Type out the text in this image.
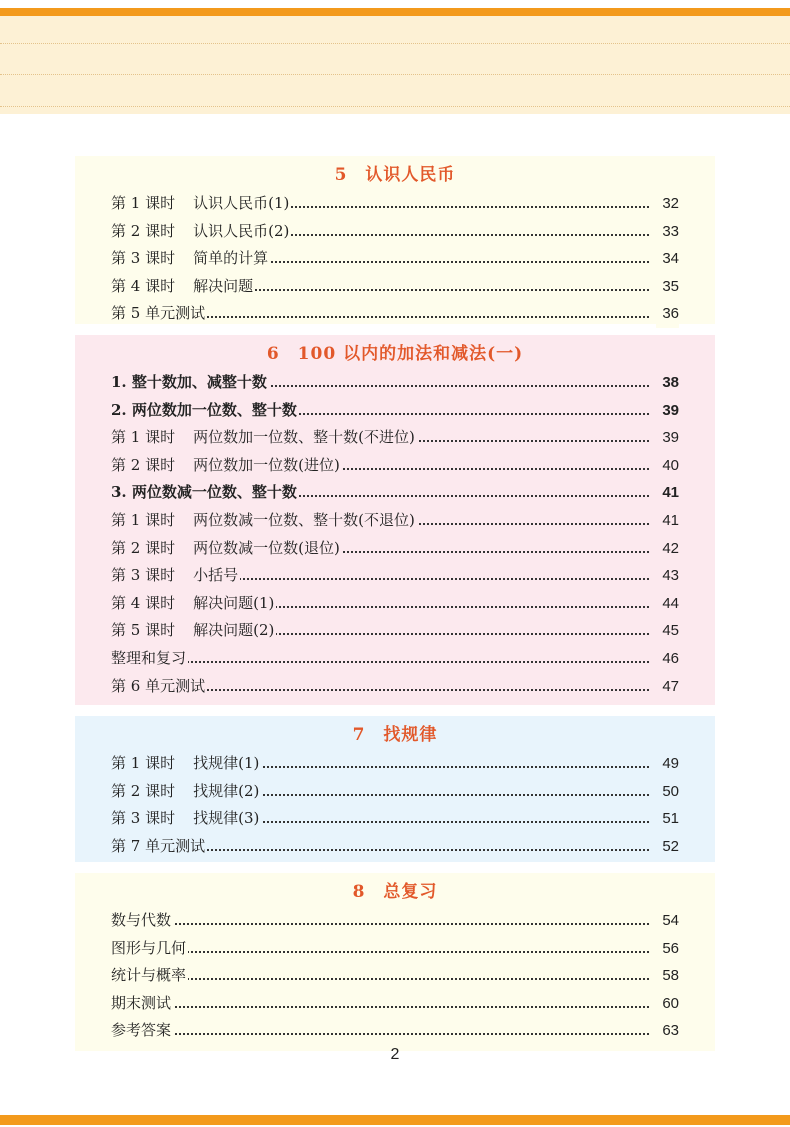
5 认识人民币
第 1 课时 认识人民币(1)	32
第 2 课时 认识人民币(2)	33
第 3 课时 简单的计算	34
第 4 课时 解决问题	35
第 5 单元测试	36
6 100 以内的加法和减法(一)
1. 整十数加、减整十数	38
2. 两位数加一位数、整十数	39
第 1 课时 两位数加一位数、整十数(不进位)	39
第 2 课时 两位数加一位数(进位)	40
3. 两位数减一位数、整十数	41
第 1 课时 两位数减一位数、整十数(不退位)	41
第 2 课时 两位数减一位数(退位)	42
第 3 课时 小括号	43
第 4 课时 解决问题(1)	44
第 5 课时 解决问题(2)	45
整理和复习	46
第 6 单元测试	47
7 找规律
第 1 课时 找规律(1)	49
第 2 课时 找规律(2)	50
第 3 课时 找规律(3)	51
第 7 单元测试	52
8 总复习
数与代数	54
图形与几何	56
统计与概率	58
期末测试	60
参考答案	63
2
